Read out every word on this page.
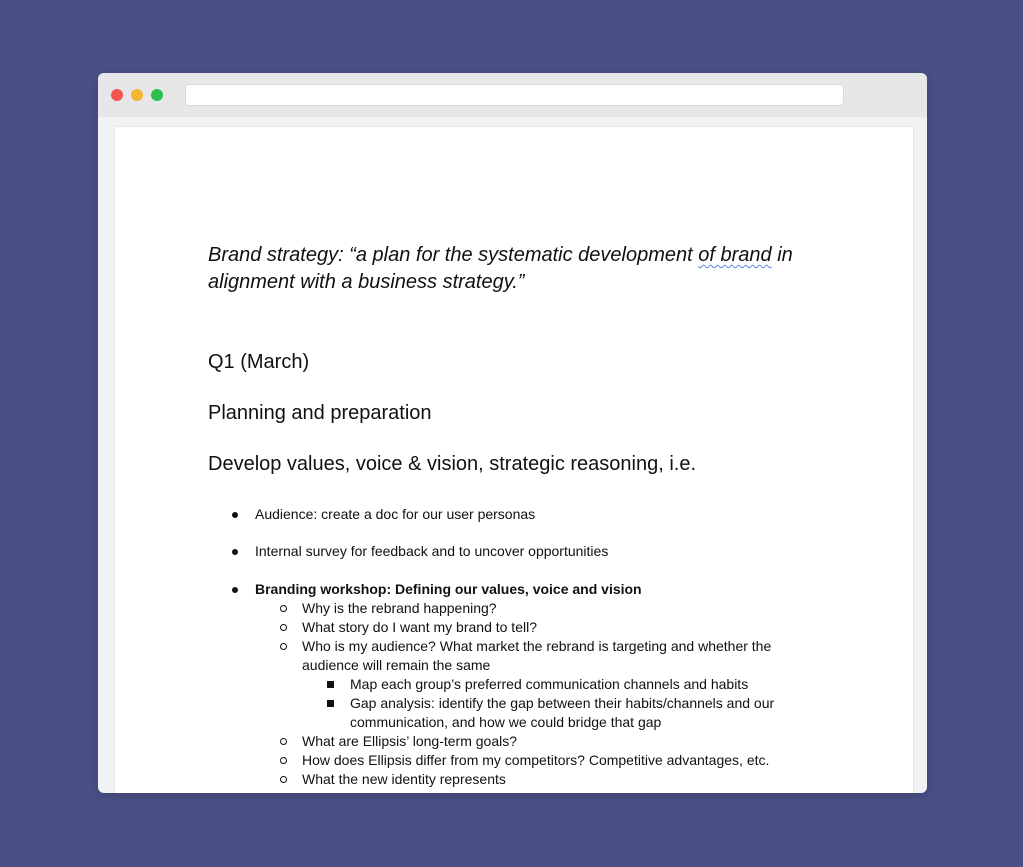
Brand strategy: “a plan for the systematic development of brand in alignment with a business strategy.”

Q1 (March)

Planning and preparation

Develop values, voice & vision, strategic reasoning, i.e.

Audience: create a doc for our user personas
Internal survey for feedback and to uncover opportunities
Branding workshop: Defining our values, voice and vision
Why is the rebrand happening?
What story do I want my brand to tell?
Who is my audience? What market the rebrand is targeting and whether the audience will remain the same
Map each group’s preferred communication channels and habits
Gap analysis: identify the gap between their habits/channels and our communication, and how we could bridge that gap
What are Ellipsis’ long-term goals?
How does Ellipsis differ from my competitors? Competitive advantages, etc.
What the new identity represents
